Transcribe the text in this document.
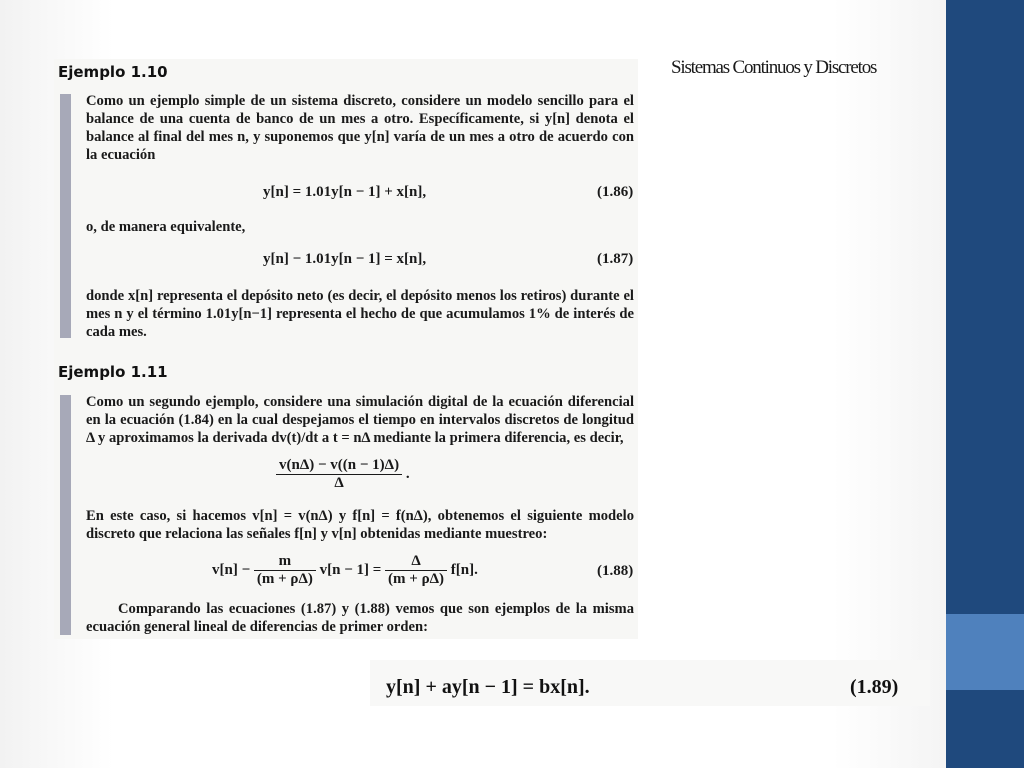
Sistemas Continuos y Discretos
Ejemplo 1.10
Como un ejemplo simple de un sistema discreto, considere un modelo sencillo para el balance de una cuenta de banco de un mes a otro. Específicamente, si y[n] denota el balance al final del mes n, y suponemos que y[n] varía de un mes a otro de acuerdo con la ecuación
y[n] = 1.01y[n − 1] + x[n],	(1.86)
o, de manera equivalente,
y[n] − 1.01y[n − 1] = x[n],	(1.87)
donde x[n] representa el depósito neto (es decir, el depósito menos los retiros) durante el mes n y el término 1.01y[n−1] representa el hecho de que acumulamos 1% de interés de cada mes.
Ejemplo 1.11
Como un segundo ejemplo, considere una simulación digital de la ecuación diferencial en la ecuación (1.84) en la cual despejamos el tiempo en intervalos discretos de longitud Δ y aproximamos la derivada dv(t)/dt a t = nΔ mediante la primera diferencia, es decir,
$\frac{v(n\Delta) - v((n - 1)\Delta)}{\Delta}$ .
En este caso, si hacemos v[n] = v(nΔ) y f[n] = f(nΔ), obtenemos el siguiente modelo discreto que relaciona las señales f[n] y v[n] obtenidas mediante muestreo:
$v[n] - \frac{m}{(m + \rho\Delta)} v[n - 1] = \frac{\Delta}{(m + \rho\Delta)} f[n]$.	(1.88)
Comparando las ecuaciones (1.87) y (1.88) vemos que son ejemplos de la misma ecuación general lineal de diferencias de primer orden:
y[n] + ay[n − 1] = bx[n].	(1.89)
